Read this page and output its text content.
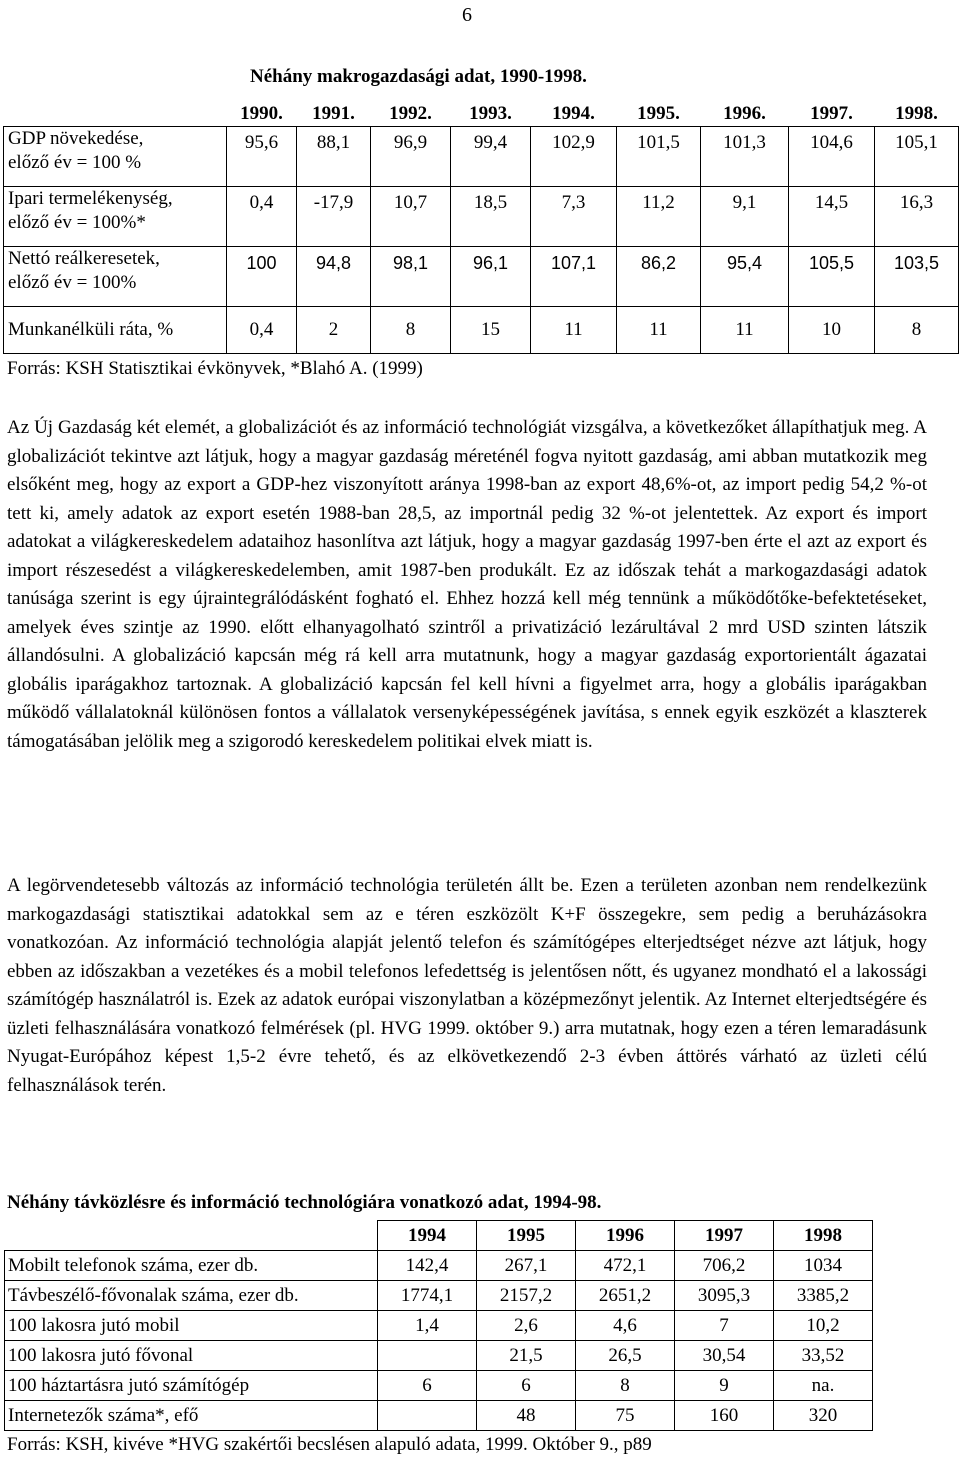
6
Néhány makrogazdasági adat, 1990-1998.
	1990.	1991.	1992.	1993.	1994.	1995.	1996.	1997.	1998.
GDP növekedése,
előző év = 100 %	95,6	88,1	96,9	99,4	102,9	101,5	101,3	104,6	105,1
Ipari termelékenység,
előző év = 100%*	0,4	-17,9	10,7	18,5	7,3	11,2	9,1	14,5	16,3
Nettó reálkeresetek,
előző év = 100%	100	94,8	98,1	96,1	107,1	86,2	95,4	105,5	103,5
Munkanélküli ráta, %	0,4	2	8	15	11	11	11	10	8
Forrás: KSH Statisztikai évkönyvek, *Blahó A. (1999)

Az Új Gazdaság két elemét, a globalizációt és az információ technológiát vizsgálva, a következőket állapíthatjuk meg. A globalizációt tekintve azt látjuk, hogy a magyar gazdaság méreténél fogva nyitott gazdaság, ami abban mutatkozik meg elsőként meg, hogy az export a GDP-hez viszonyított aránya 1998-ban az export 48,6%-ot, az import pedig 54,2 %-ot tett ki, amely adatok az export esetén 1988-ban 28,5, az importnál pedig 32 %-ot jelentettek. Az export és import adatokat a világkereskedelem adataihoz hasonlítva azt látjuk, hogy a magyar gazdaság 1997-ben érte el azt az export és import részesedést a világkereskedelemben, amit 1987-ben produkált. Ez az időszak tehát a markogazdasági adatok tanúsága szerint is egy újraintegrálódásként fogható el. Ehhez hozzá kell még tennünk a működőtőke-befektetéseket, amelyek éves szintje az 1990. előtt elhanyagolható szintről a privatizáció lezárultával 2 mrd USD szinten látszik állandósulni. A globalizáció kapcsán még rá kell arra mutatnunk, hogy a magyar gazdaság exportorientált ágazatai globális iparágakhoz tartoznak. A globalizáció kapcsán fel kell hívni a figyelmet arra, hogy a globális iparágakban működő vállalatoknál különösen fontos a vállalatok versenyképességének javítása, s ennek egyik eszközét a klaszterek támogatásában jelölik meg a szigorodó kereskedelem politikai elvek miatt is.

A legörvendetesebb változás az információ technológia területén állt be. Ezen a területen azonban nem rendelkezünk markogazdasági statisztikai adatokkal sem az e téren eszközölt K+F összegekre, sem pedig a beruházásokra vonatkozóan. Az információ technológia alapját jelentő telefon és számítógépes elterjedtséget nézve azt látjuk, hogy ebben az időszakban a vezetékes és a mobil telefonos lefedettség is jelentősen nőtt, és ugyanez mondható el a lakossági számítógép használatról is. Ezek az adatok európai viszonylatban a középmezőnyt jelentik. Az Internet elterjedtségére és üzleti felhasználására vonatkozó felmérések (pl. HVG 1999. október 9.) arra mutatnak, hogy ezen a téren lemaradásunk Nyugat-Európához képest 1,5-2 évre tehető, és az elkövetkezendő 2-3 évben áttörés várható az üzleti célú felhasználások terén.

Néhány távközlésre és információ technológiára vonatkozó adat, 1994-98.
	1994	1995	1996	1997	1998
Mobilt telefonok száma, ezer db.	142,4	267,1	472,1	706,2	1034
Távbeszélő-fővonalak száma, ezer db.	1774,1	2157,2	2651,2	3095,3	3385,2
100 lakosra jutó mobil	1,4	2,6	4,6	7	10,2
100 lakosra jutó fővonal		21,5	26,5	30,54	33,52
100 háztartásra jutó számítógép	6	6	8	9	na.
Internetezők száma*, efő		48	75	160	320
Forrás: KSH, kivéve *HVG szakértői becslésen alapuló adata, 1999. Október 9., p89
